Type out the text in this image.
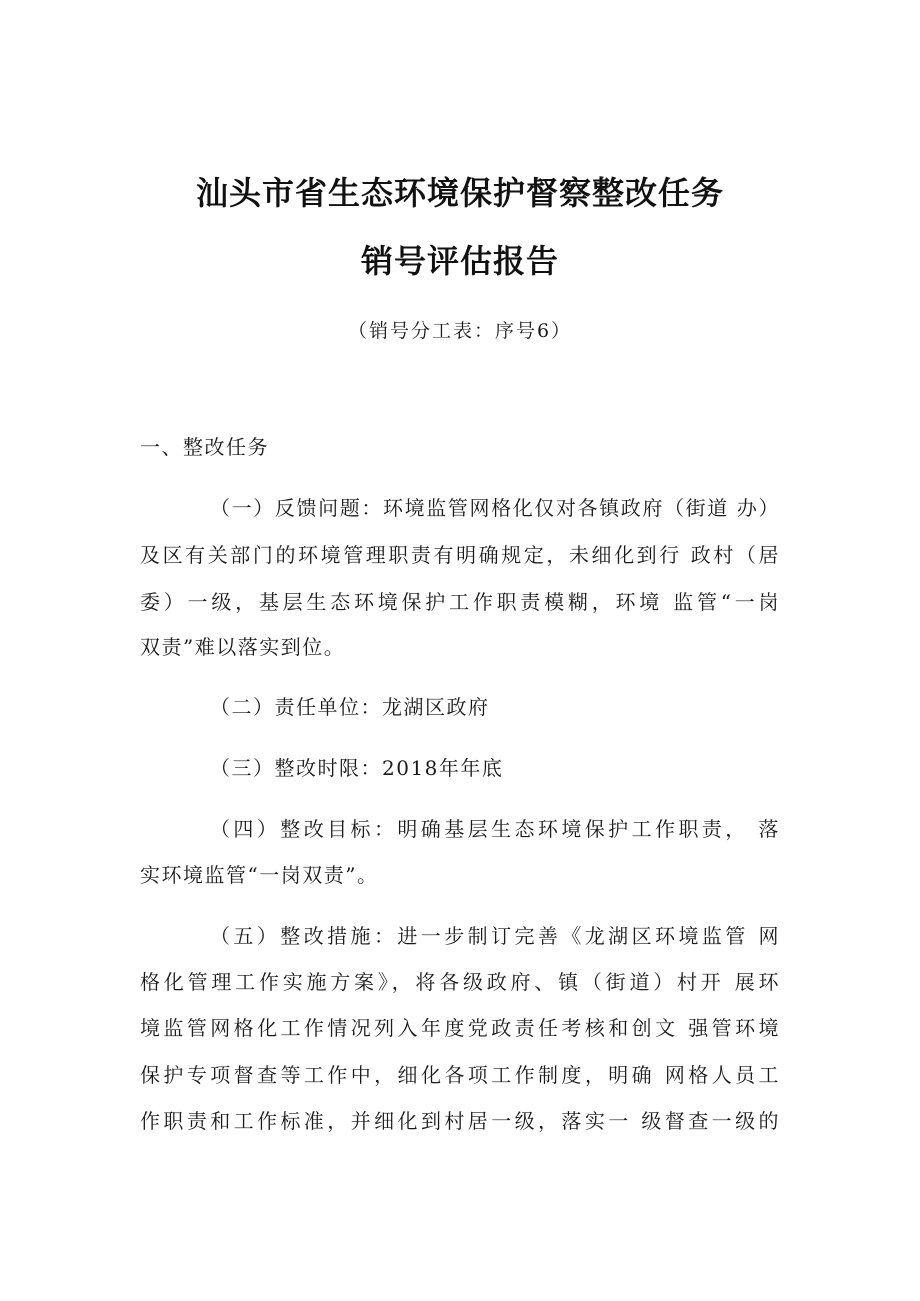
汕头市省生态环境保护督察整改任务
销号评估报告
（销号分工表：序号6）
一、整改任务
（一）反馈问题：环境监管网格化仅对各镇政府（街道 办）
及区有关部门的环境管理职责有明确规定，未细化到行 政村（居
委）一级，基层生态环境保护工作职责模糊，环境 监管“一岗
双责”难以落实到位。
（二）责任单位：龙湖区政府
（三）整改时限：2018年年底
（四）整改目标：明确基层生态环境保护工作职责， 落
实环境监管“一岗双责”。
（五）整改措施：进一步制订完善《龙湖区环境监管 网
格化管理工作实施方案》，将各级政府、镇（街道）村开 展环
境监管网格化工作情况列入年度党政责任考核和创文 强管环境
保护专项督查等工作中，细化各项工作制度，明确 网格人员工
作职责和工作标准，并细化到村居一级，落实一 级督查一级的
